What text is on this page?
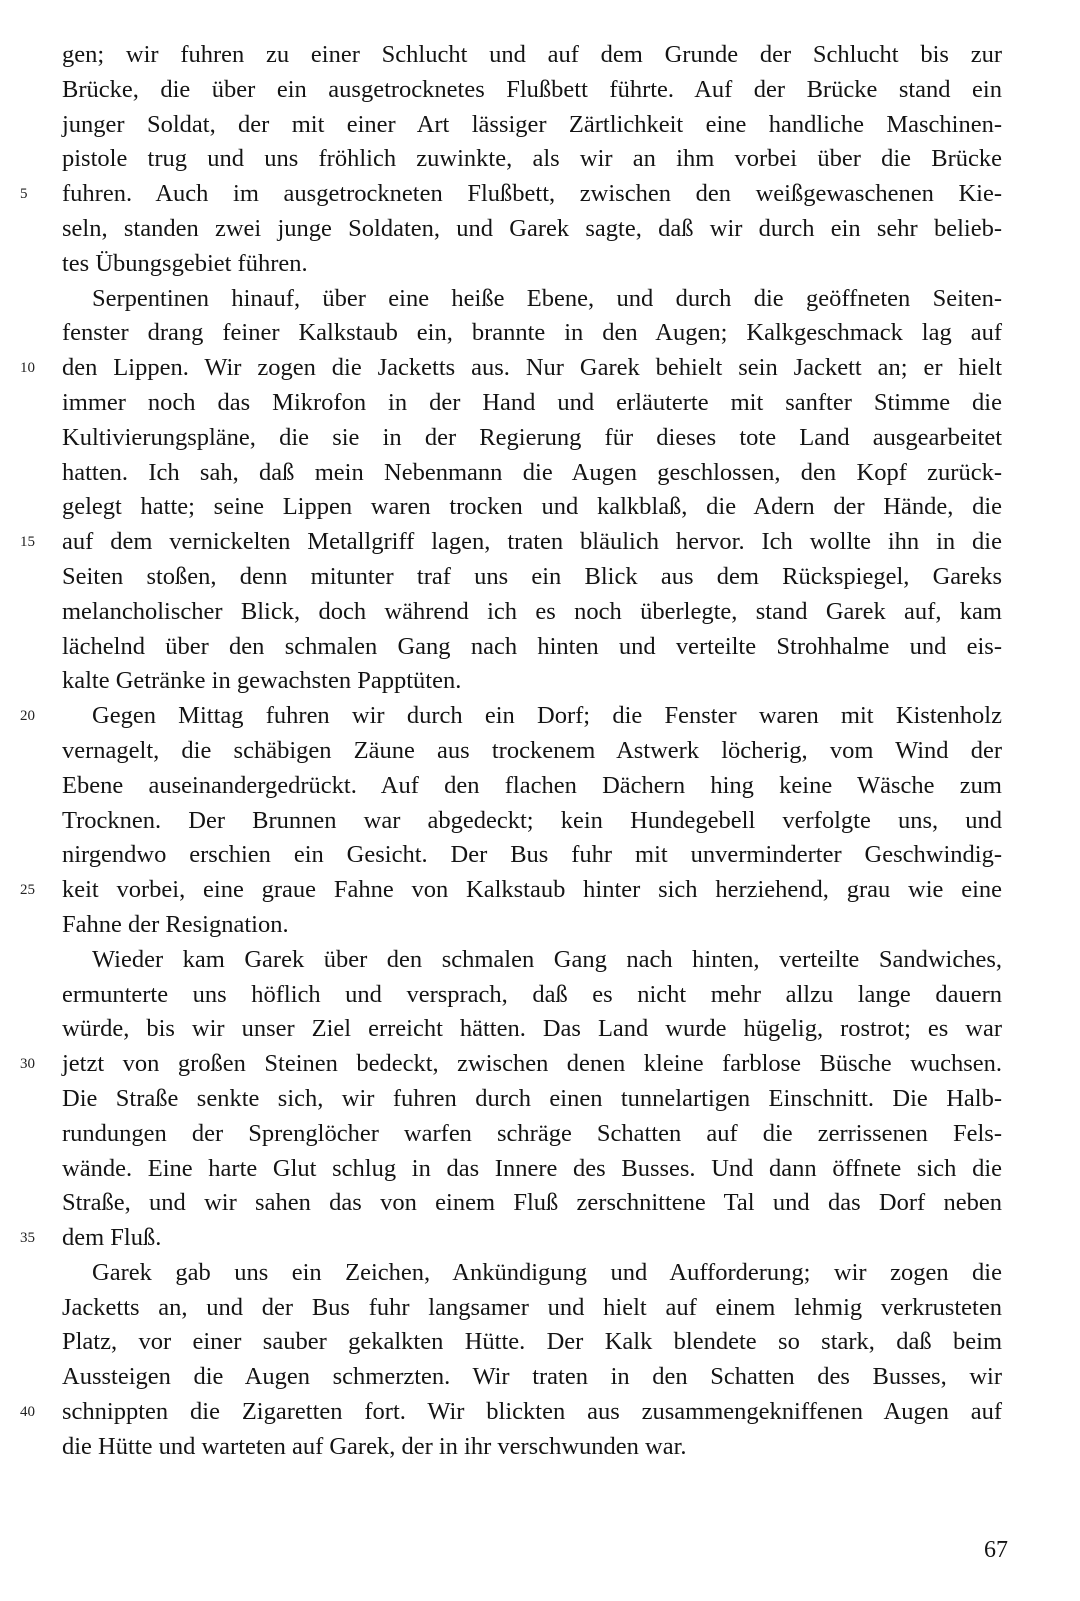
gen; wir fuhren zu einer Schlucht und auf dem Grunde der Schlucht bis zur
Brücke, die über ein ausgetrocknetes Flußbett führte. Auf der Brücke stand ein
junger Soldat, der mit einer Art lässiger Zärtlichkeit eine handliche Maschinen-
pistole trug und uns fröhlich zuwinkte, als wir an ihm vorbei über die Brücke
5	fuhren. Auch im ausgetrockneten Flußbett, zwischen den weißgewaschenen Kie-
seln, standen zwei junge Soldaten, und Garek sagte, daß wir durch ein sehr belieb-
tes Übungsgebiet führen.
Serpentinen hinauf, über eine heiße Ebene, und durch die geöffneten Seiten-
fenster drang feiner Kalkstaub ein, brannte in den Augen; Kalkgeschmack lag auf
10	den Lippen. Wir zogen die Jacketts aus. Nur Garek behielt sein Jackett an; er hielt
immer noch das Mikrofon in der Hand und erläuterte mit sanfter Stimme die
Kultivierungspläne, die sie in der Regierung für dieses tote Land ausgearbeitet
hatten. Ich sah, daß mein Nebenmann die Augen geschlossen, den Kopf zurück-
gelegt hatte; seine Lippen waren trocken und kalkblaß, die Adern der Hände, die
15	auf dem vernickelten Metallgriff lagen, traten bläulich hervor. Ich wollte ihn in die
Seiten stoßen, denn mitunter traf uns ein Blick aus dem Rückspiegel, Gareks
melancholischer Blick, doch während ich es noch überlegte, stand Garek auf, kam
lächelnd über den schmalen Gang nach hinten und verteilte Strohhalme und eis-
kalte Getränke in gewachsten Papptüten.
20	Gegen Mittag fuhren wir durch ein Dorf; die Fenster waren mit Kistenholz
vernagelt, die schäbigen Zäune aus trockenem Astwerk löcherig, vom Wind der
Ebene auseinandergedrückt. Auf den flachen Dächern hing keine Wäsche zum
Trocknen. Der Brunnen war abgedeckt; kein Hundegebell verfolgte uns, und
nirgendwo erschien ein Gesicht. Der Bus fuhr mit unverminderter Geschwindig-
25	keit vorbei, eine graue Fahne von Kalkstaub hinter sich herziehend, grau wie eine
Fahne der Resignation.
Wieder kam Garek über den schmalen Gang nach hinten, verteilte Sandwiches,
ermunterte uns höflich und versprach, daß es nicht mehr allzu lange dauern
würde, bis wir unser Ziel erreicht hätten. Das Land wurde hügelig, rostrot; es war
30	jetzt von großen Steinen bedeckt, zwischen denen kleine farblose Büsche wuchsen.
Die Straße senkte sich, wir fuhren durch einen tunnelartigen Einschnitt. Die Halb-
rundungen der Sprenglöcher warfen schräge Schatten auf die zerrissenen Fels-
wände. Eine harte Glut schlug in das Innere des Busses. Und dann öffnete sich die
Straße, und wir sahen das von einem Fluß zerschnittene Tal und das Dorf neben
35	dem Fluß.
Garek gab uns ein Zeichen, Ankündigung und Aufforderung; wir zogen die
Jacketts an, und der Bus fuhr langsamer und hielt auf einem lehmig verkrusteten
Platz, vor einer sauber gekalkten Hütte. Der Kalk blendete so stark, daß beim
Aussteigen die Augen schmerzten. Wir traten in den Schatten des Busses, wir
40	schnippten die Zigaretten fort. Wir blickten aus zusammengekniffenen Augen auf
die Hütte und warteten auf Garek, der in ihr verschwunden war.
67
